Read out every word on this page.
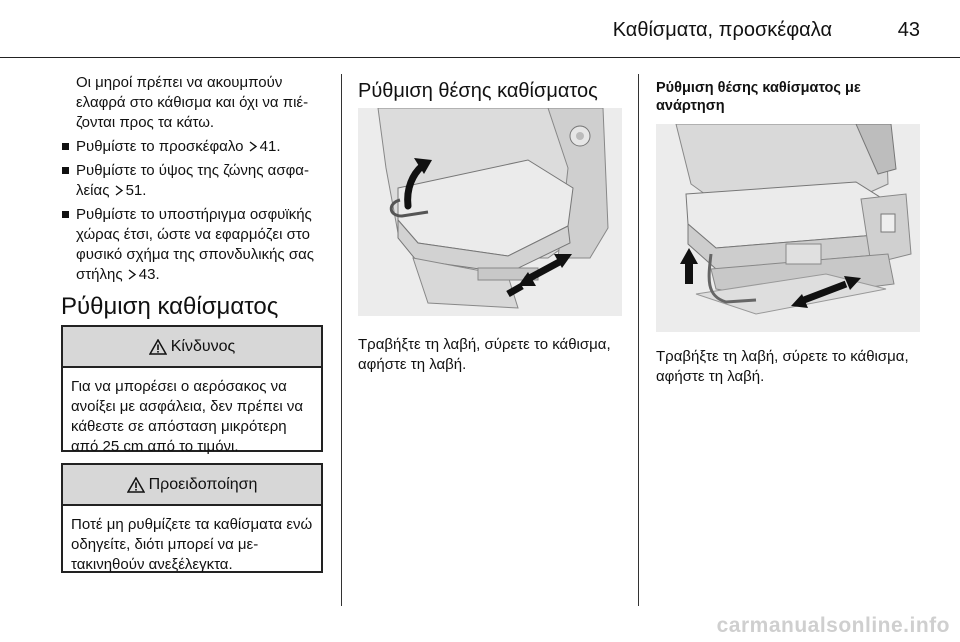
Καθίσματα, προσκέφαλα	43

Οι μηροί πρέπει να ακουμπούν ελαφρά στο κάθισμα και όχι να πιέ-ζονται προς τα κάτω.

Ρυθμίστε το προσκέφαλο 41.
Ρυθμίστε το ύψος της ζώνης ασφα-λείας 51.
Ρυθμίστε το υποστήριγμα οσφυϊκής χώρας έτσι, ώστε να εφαρμόζει στο φυσικό σχήμα της σπονδυλικής σας στήλης 43.
Ρύθμιση καθίσματος
Κίνδυνος
Για να μπορέσει ο αερόσακος να ανοίξει με ασφάλεια, δεν πρέπει να κάθεστε σε απόσταση μικρότερη από 25 cm από το τιμόνι.
Προειδοποίηση
Ποτέ μη ρυθμίζετε τα καθίσματα ενώ οδηγείτε, διότι μπορεί να με-τακινηθούν ανεξέλεγκτα.
Ρύθμιση θέσης καθίσματος

Τραβήξτε τη λαβή, σύρετε το κάθισμα, αφήστε τη λαβή.

Ρύθμιση θέσης καθίσματος με ανάρτηση

Τραβήξτε τη λαβή, σύρετε το κάθισμα, αφήστε τη λαβή.

carmanualsonline.info
